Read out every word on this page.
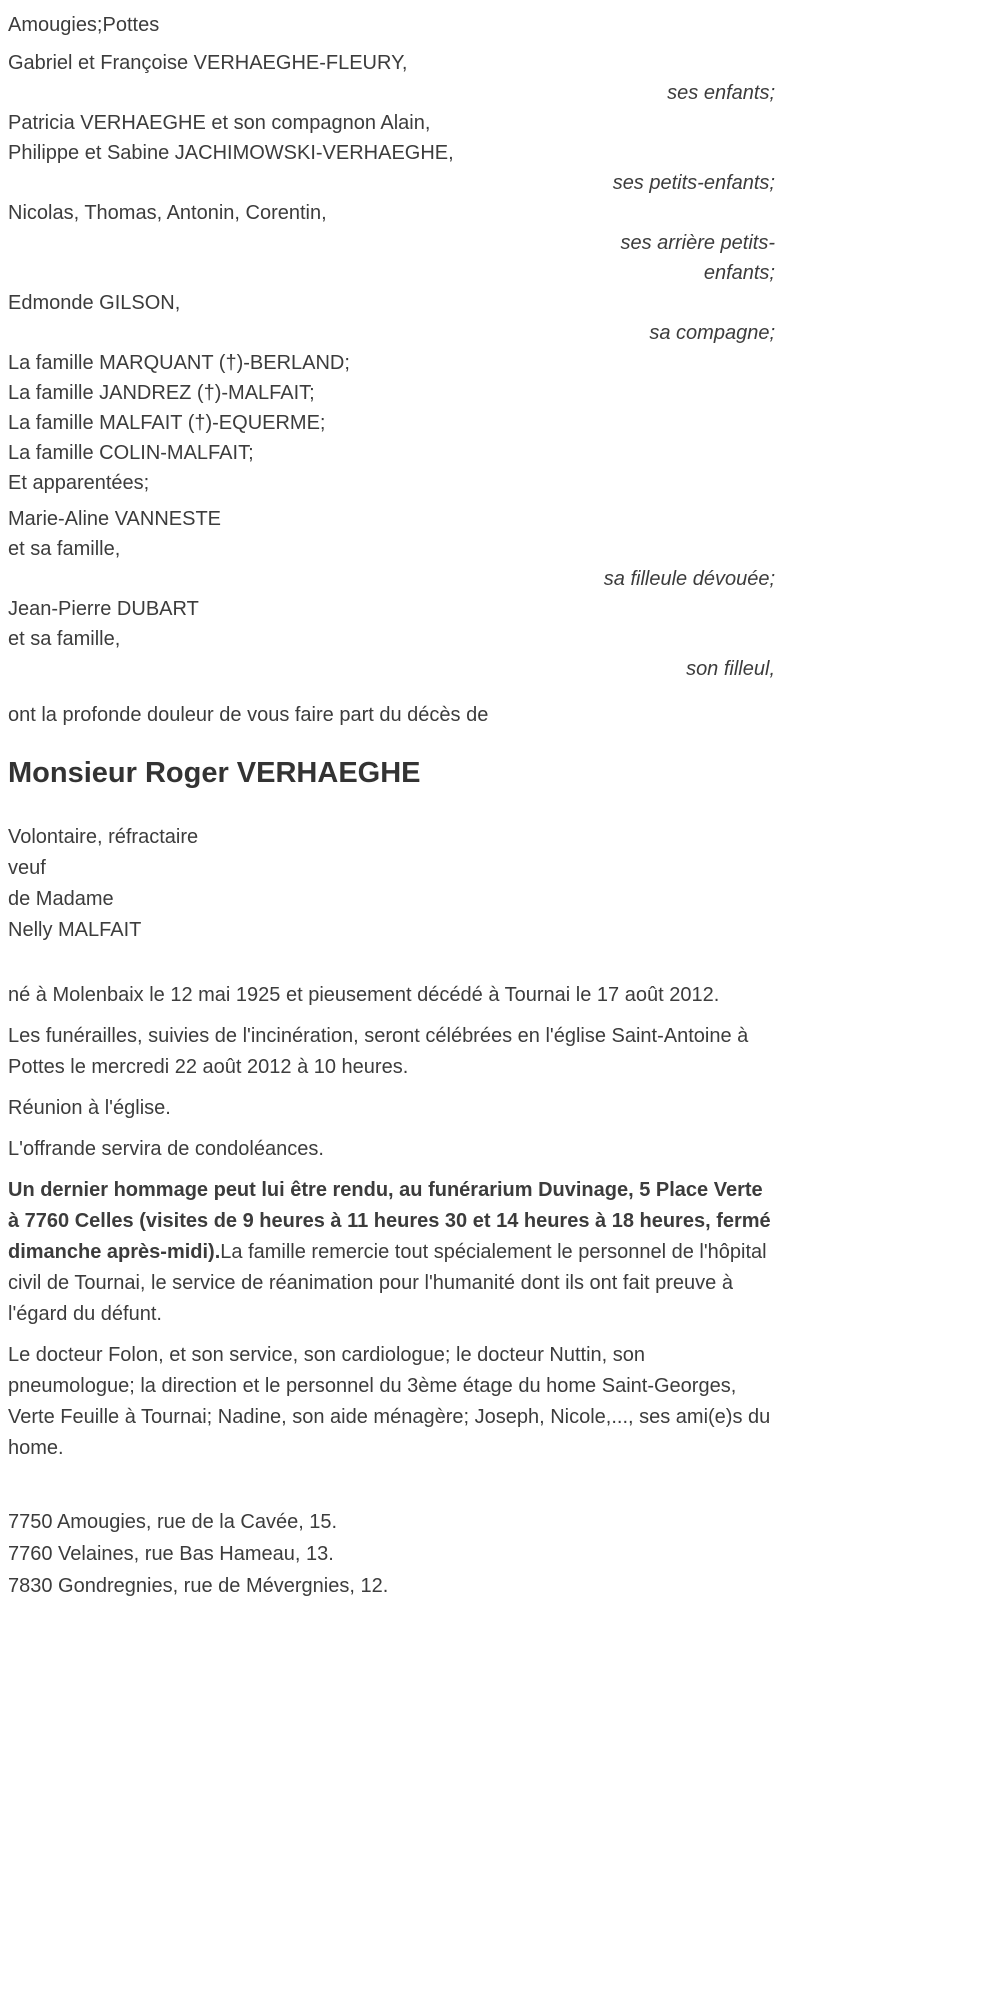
Amougies;Pottes
Gabriel et Françoise VERHAEGHE-FLEURY,
ses enfants;
Patricia VERHAEGHE et son compagnon Alain,
Philippe et Sabine JACHIMOWSKI-VERHAEGHE,
ses petits-enfants;
Nicolas, Thomas, Antonin, Corentin,
ses arrière petits-enfants;
Edmonde GILSON,
sa compagne;
La famille MARQUANT (†)-BERLAND;
La famille JANDREZ (†)-MALFAIT;
La famille MALFAIT (†)-EQUERME;
La famille COLIN-MALFAIT;
Et apparentées;
Marie-Aline VANNESTE
et sa famille,
sa filleule dévouée;
Jean-Pierre DUBART
et sa famille,
son filleul,
ont la profonde douleur de vous faire part du décès de
Monsieur Roger VERHAEGHE
Volontaire, réfractaire
veuf
de Madame
Nelly MALFAIT

né à Molenbaix le 12 mai 1925 et pieusement décédé à Tournai le 17 août 2012.

Les funérailles, suivies de l'incinération, seront célébrées en l'église Saint-Antoine à Pottes le mercredi 22 août 2012 à 10 heures.

Réunion à l'église.

L'offrande servira de condoléances.

Un dernier hommage peut lui être rendu, au funérarium Duvinage, 5 Place Verte à 7760 Celles (visites de 9 heures à 11 heures 30 et 14 heures à 18 heures, fermé dimanche après-midi).La famille remercie tout spécialement le personnel de l'hôpital civil de Tournai, le service de réanimation pour l'humanité dont ils ont fait preuve à l'égard du défunt.

Le docteur Folon, et son service, son cardiologue; le docteur Nuttin, son pneumologue; la direction et le personnel du 3ème étage du home Saint-Georges, Verte Feuille à Tournai; Nadine, son aide ménagère; Joseph, Nicole,..., ses ami(e)s du home.

7750 Amougies, rue de la Cavée, 15.
7760 Velaines, rue Bas Hameau, 13.
7830 Gondregnies, rue de Mévergnies, 12.
